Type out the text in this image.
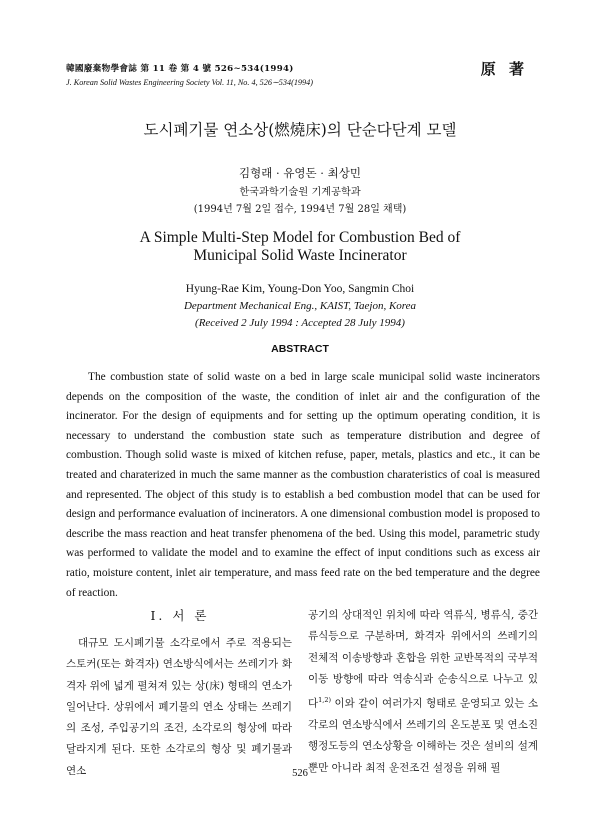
韓國廢棄物學會誌 第 11 卷 第 4 號 526∼534(1994)
J. Korean Solid Wastes Engineering Society Vol. 11, No. 4, 526∼534(1994)
原 著
도시폐기물 연소상(燃燒床)의 단순다단계 모델
김형래 · 유영돈 · 최상민
한국과학기술원 기계공학과
(1994년 7월 2일 접수, 1994년 7월 28일 채택)
A Simple Multi-Step Model for Combustion Bed of
Municipal Solid Waste Incinerator
Hyung-Rae Kim, Young-Don Yoo, Sangmin Choi
Department Mechanical Eng., KAIST, Taejon, Korea
(Received 2 July 1994 : Accepted 28 July 1994)
ABSTRACT

The combustion state of solid waste on a bed in large scale municipal solid waste incinerators depends on the composition of the waste, the condition of inlet air and the configuration of the incinerator. For the design of equipments and for setting up the optimum operating condition, it is necessary to understand the combustion state such as temperature distribution and degree of combustion. Though solid waste is mixed of kitchen refuse, paper, metals, plastics and etc., it can be treated and charaterized in much the same manner as the combustion charateristics of coal is measured and represented. The object of this study is to establish a bed combustion model that can be used for design and performance evaluation of incinerators. A one dimensional combustion model is proposed to describe the mass reaction and heat transfer phenomena of the bed. Using this model, parametric study was performed to validate the model and to examine the effect of input conditions such as excess air ratio, moisture content, inlet air temperature, and mass feed rate on the bed temperature and the degree of reaction.

Ⅰ. 서 론

대규모 도시폐기물 소각로에서 주로 적용되는 스토커(또는 화격자) 연소방식에서는 쓰레기가 화격자 위에 넓게 펼쳐져 있는 상(床) 형태의 연소가 일어난다. 상위에서 폐기물의 연소 상태는 쓰레기의 조성, 주입공기의 조건, 소각로의 형상에 따라 달라지게 된다. 또한 소각로의 형상 및 폐기물과 연소

공기의 상대적인 위치에 따라 역류식, 병류식, 중간류식등으로 구분하며, 화격자 위에서의 쓰레기의 전체적 이송방향과 혼합을 위한 교반목적의 국부적 이동 방향에 따라 역송식과 순송식으로 나누고 있다$^{1,2)}$ 이와 같이 여러가지 형태로 운영되고 있는 소각로의 연소방식에서 쓰레기의 온도분포 및 연소진행정도등의 연소상황을 이해하는 것은 설비의 설계뿐만 아니라 최적 운전조건 설정을 위해 필

526
